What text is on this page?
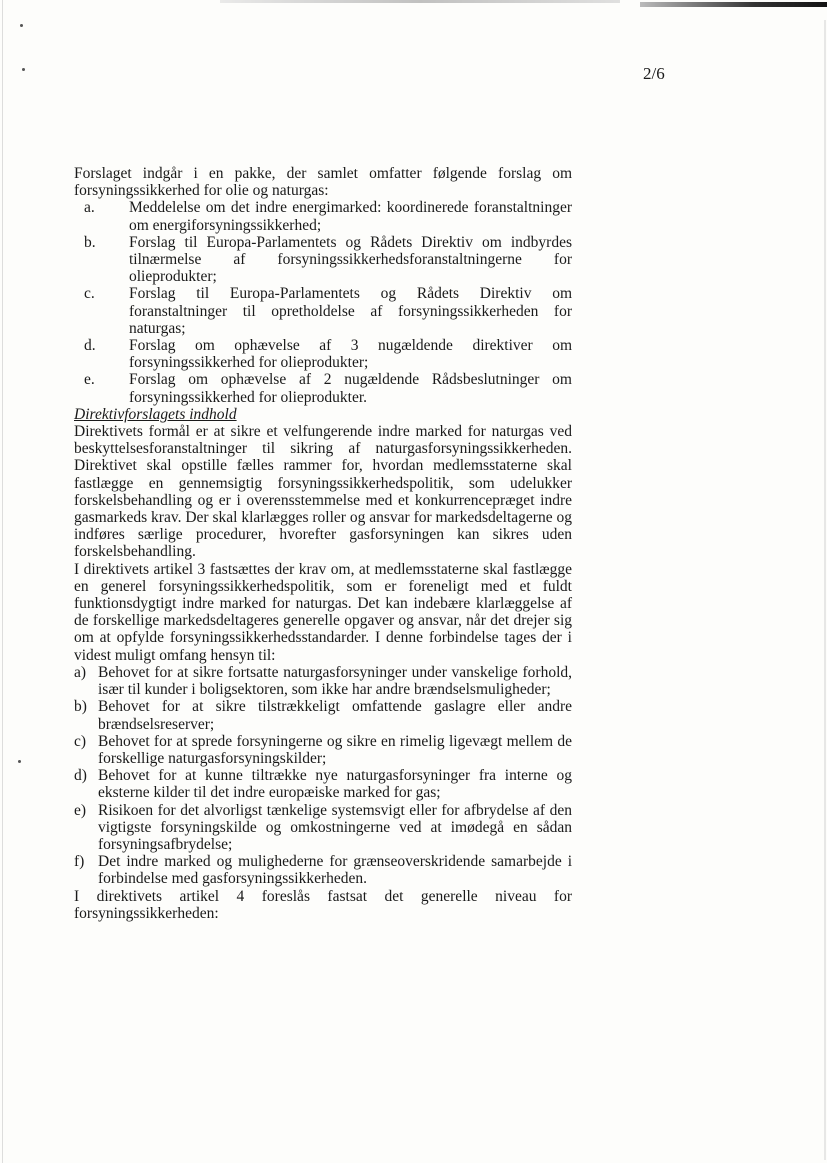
2/6

Forslaget indgår i en pakke, der samlet omfatter følgende forslag om forsyningssikkerhed for olie og naturgas:

a.	Meddelelse om det indre energimarked: koordinerede foranstaltninger om energiforsyningssikkerhed;
b.	Forslag til Europa-Parlamentets og Rådets Direktiv om indbyrdes tilnærmelse af forsyningssikkerhedsforanstaltningerne for olieprodukter;
c.	Forslag til Europa-Parlamentets og Rådets Direktiv om foranstaltninger til opretholdelse af forsyningssikkerheden for naturgas;
d.	Forslag om ophævelse af 3 nugældende direktiver om forsyningssikkerhed for olieprodukter;
e.	Forslag om ophævelse af 2 nugældende Rådsbeslutninger om forsyningssikkerhed for olieprodukter.

Direktivforslagets indhold

Direktivets formål er at sikre et velfungerende indre marked for naturgas ved beskyttelsesforanstaltninger til sikring af naturgasforsyningssikkerheden. Direktivet skal opstille fælles rammer for, hvordan medlemsstaterne skal fastlægge en gennemsigtig forsyningssikkerhedspolitik, som udelukker forskelsbehandling og er i overensstemmelse med et konkurrencepræget indre gasmarkeds krav. Der skal klarlægges roller og ansvar for markedsdeltagerne og indføres særlige procedurer, hvorefter gasforsyningen kan sikres uden forskelsbehandling.

I direktivets artikel 3 fastsættes der krav om, at medlemsstaterne skal fastlægge en generel forsyningssikkerhedspolitik, som er foreneligt med et fuldt funktionsdygtigt indre marked for naturgas. Det kan indebære klarlæggelse af de forskellige markedsdeltageres generelle opgaver og ansvar, når det drejer sig om at opfylde forsyningssikkerhedsstandarder. I denne forbindelse tages der i videst muligt omfang hensyn til:

a) Behovet for at sikre fortsatte naturgasforsyninger under vanskelige forhold, især til kunder i boligsektoren, som ikke har andre brændselsmuligheder;
b) Behovet for at sikre tilstrækkeligt omfattende gaslagre eller andre brændselsreserver;
c) Behovet for at sprede forsyningerne og sikre en rimelig ligevægt mellem de forskellige naturgasforsyningskilder;
d) Behovet for at kunne tiltrække nye naturgasforsyninger fra interne og eksterne kilder til det indre europæiske marked for gas;
e) Risikoen for det alvorligst tænkelige systemsvigt eller for afbrydelse af den vigtigste forsyningskilde og omkostningerne ved at imødegå en sådan forsyningsafbrydelse;
f) Det indre marked og mulighederne for grænseoverskridende samarbejde i forbindelse med gasforsyningssikkerheden.

I direktivets artikel 4 foreslås fastsat det generelle niveau for forsyningssikkerheden:
